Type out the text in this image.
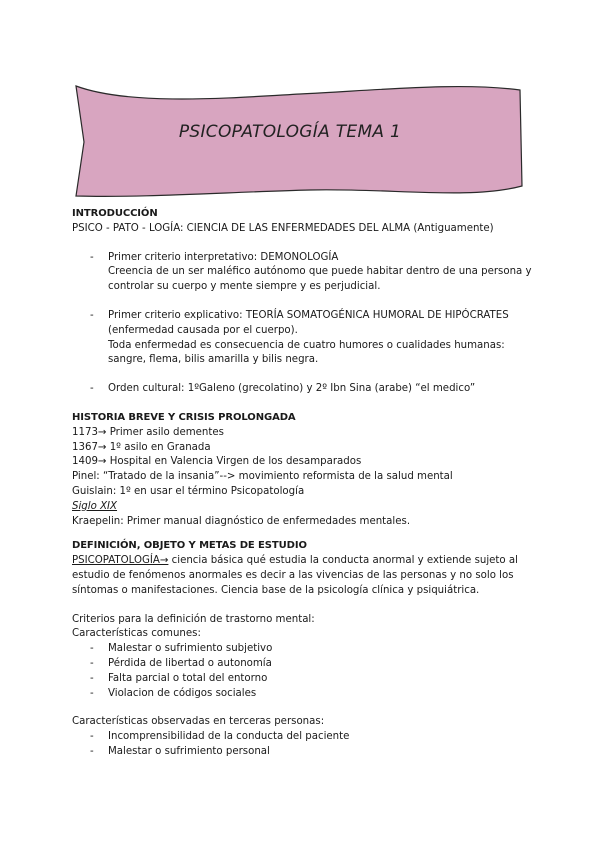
PSICOPATOLOGÍA TEMA 1
INTRODUCCIÓN
PSICO - PATO - LOGÍA: CIENCIA DE LAS ENFERMEDADES DEL ALMA (Antiguamente)
- Primer criterio interpretativo: DEMONOLOGÍA
Creencia de un ser maléfico autónomo que puede habitar dentro de una persona y
controlar su cuerpo y mente siempre y es perjudicial.
- Primer criterio explicativo: TEORÍA SOMATOGÉNICA HUMORAL DE HIPÓCRATES
(enfermedad causada por el cuerpo).
Toda enfermedad es consecuencia de cuatro humores o cualidades humanas:
sangre, flema, bilis amarilla y bilis negra.
- Orden cultural: 1ºGaleno (grecolatino) y 2º Ibn Sina (arabe) “el medico”
HISTORIA BREVE Y CRISIS PROLONGADA
1173→ Primer asilo dementes
1367→ 1º asilo en Granada
1409→ Hospital en Valencia Virgen de los desamparados
Pinel: “Tratado de la insania”--> movimiento reformista de la salud mental
Guislain: 1º en usar el término Psicopatología
Siglo XIX
Kraepelin: Primer manual diagnóstico de enfermedades mentales.
DEFINICIÓN, OBJETO Y METAS DE ESTUDIO
PSICOPATOLOGÍA→ ciencia básica qué estudia la conducta anormal y extiende sujeto al
estudio de fenómenos anormales es decir a las vivencias de las personas y no solo los
síntomas o manifestaciones. Ciencia base de la psicología clínica y psiquiátrica.
Criterios para la definición de trastorno mental:
Características comunes:
- Malestar o sufrimiento subjetivo
- Pérdida de libertad o autonomía
- Falta parcial o total del entorno
- Violacion de códigos sociales
Características observadas en terceras personas:
- Incomprensibilidad de la conducta del paciente
- Malestar o sufrimiento personal
